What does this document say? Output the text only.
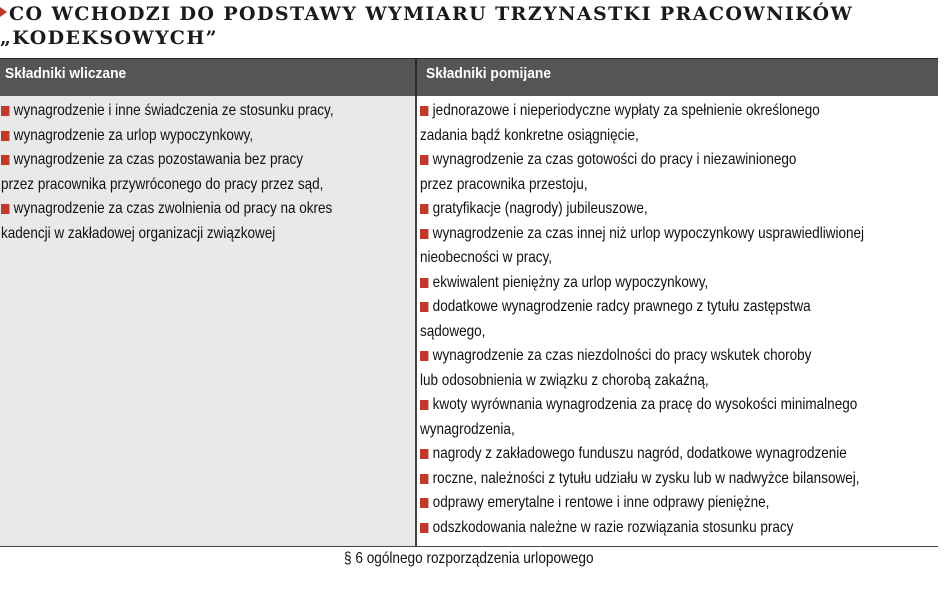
CO WCHODZI DO PODSTAWY WYMIARU TRZYNASTKI PRACOWNIKÓW
„KODEKSOWYCH”
Składniki wliczane	Składniki pomijane
wynagrodzenie i inne świadczenia ze stosunku pracy,
wynagrodzenie za urlop wypoczynkowy,
wynagrodzenie za czas pozostawania bez pracy
przez pracownika przywróconego do pracy przez sąd,
wynagrodzenie za czas zwolnienia od pracy na okres
kadencji w zakładowej organizacji związkowej
jednorazowe i nieperiodyczne wypłaty za spełnienie określonego
zadania bądź konkretne osiągnięcie,
wynagrodzenie za czas gotowości do pracy i niezawinionego
przez pracownika przestoju,
gratyfikacje (nagrody) jubileuszowe,
wynagrodzenie za czas innej niż urlop wypoczynkowy usprawiedliwionej
nieobecności w pracy,
ekwiwalent pieniężny za urlop wypoczynkowy,
dodatkowe wynagrodzenie radcy prawnego z tytułu zastępstwa
sądowego,
wynagrodzenie za czas niezdolności do pracy wskutek choroby
lub odosobnienia w związku z chorobą zakaźną,
kwoty wyrównania wynagrodzenia za pracę do wysokości minimalnego
wynagrodzenia,
nagrody z zakładowego funduszu nagród, dodatkowe wynagrodzenie
roczne, należności z tytułu udziału w zysku lub w nadwyżce bilansowej,
odprawy emerytalne i rentowe i inne odprawy pieniężne,
odszkodowania należne w razie rozwiązania stosunku pracy
§ 6 ogólnego rozporządzenia urlopowego
